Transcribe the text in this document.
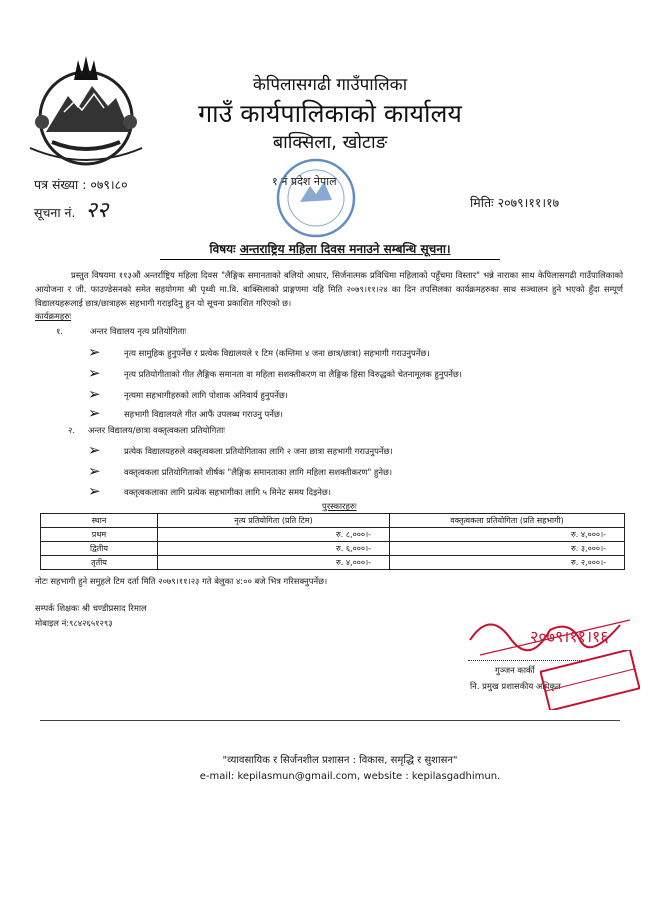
केपिलासगढी गाउँपालिका
गाउँ कार्यपालिकाको कार्यालय
बाक्सिला, खोटाङ
पत्र संख्या : ०७९।८०
सूचना नं. २२
१ नं प्रदेश नेपाल
मितिः २०७९।११।१७
विषयः अन्तराष्ट्रिय महिला दिवस मनाउने सम्बन्धि सूचना।
प्रस्तुत विषयमा ११३औं अन्तर्राष्ट्रिय महिला दिवस "लैङ्गिक समानताको बलियो आधार, सिर्जनात्मक प्रविधिमा महिलाको पहुँचमा विस्तार" भन्ने नाराका साथ केपिलासगढी गाउँपालिकाको आयोजना र जी. फाउण्डेसनको समेत सहयोगमा श्री पृथ्वी मा.वि. बाक्सिलाको प्राङ्गणमा यहि मिति २०७९।११।२४ का दिन तपसिलका कार्यक्रमहरुका साथ सञ्चालन हुने भएको हुँदा सम्पूर्ण विद्यालयहरूलाई छात्र/छात्राहरू सहभागी गराइदिनु हुन यो सूचना प्रकाशित गरिएको छ।
कार्यक्रमहरुः
१.	अन्तर विद्यालय नृत्य प्रतियोगिताः
➢	नृत्य सामुहिक हुनुपर्नेछ र प्रत्येक विद्यालयले १ टिम (कम्तिमा ४ जना छात्र/छात्रा) सहभागी गराउनुपर्नेछ।
➢	नृत्य प्रतियोगीताको गीत लैङ्गिक समानता वा महिला सशक्तीकरण वा लैङ्गिक हिंसा विरुद्धको चेतनामूलक हुनुपर्नेछ।
➢	नृत्यमा सहभागीहरुको लागि पोशाक अनिवार्य हुनुपर्नेछ।
➢	सहभागी विद्यालयले गीत आफैं उपलब्ध गराउनु पर्नेछ।
२. अन्तर विद्यालय/छात्रा वक्तृत्वकला प्रतियोगिताः
➢	प्रत्येक विद्यालयहरुले वक्तृत्वकला प्रतियोगिताका लागि २ जना छात्रा सहभागी गराउनुपर्नेछ।
➢	वक्तृत्वकला प्रतियोगिताको शीर्षक "लैङ्गिक समानताका लागि महिला सशक्तीकरण" हुनेछ।
➢	वक्तृत्वकलाका लागि प्रत्येक सहभागीका लागि ५ मिनेट समय दिइनेछ।
पुरस्कारहरुः
स्थान	नृत्य प्रतियोगिता (प्रति टिम)	वक्तृत्वकला प्रतियोगिता (प्रति सहभागी)
प्रथम	रु. ८,०००।-	रु. ४,०००।-
द्वितीय	रु. ६,०००।-	रु. ३,०००।-
तृतीय	रु. ४,०००।-	रु. २,०००।-
नोटः सहभागी हुने समुहले टिम दर्ता मिति २०७९।११।२३ गते बेलुका ४:०० बजे भित्र गरिसक्नुपर्नेछ।
सम्पर्क शिक्षकः श्री चण्डीप्रसाद रिमाल
मोबाइल नं:९८४२६५१२९३
२०७९।११।१६
गुञ्जन कार्की
नि. प्रमुख प्रशासकीय अधिकृत
"व्यावसायिक र सिर्जनशील प्रशासन : विकास, समृद्धि र सुशासन"
e-mail: kepilasmun@gmail.com, website : kepilasgadhimun.
